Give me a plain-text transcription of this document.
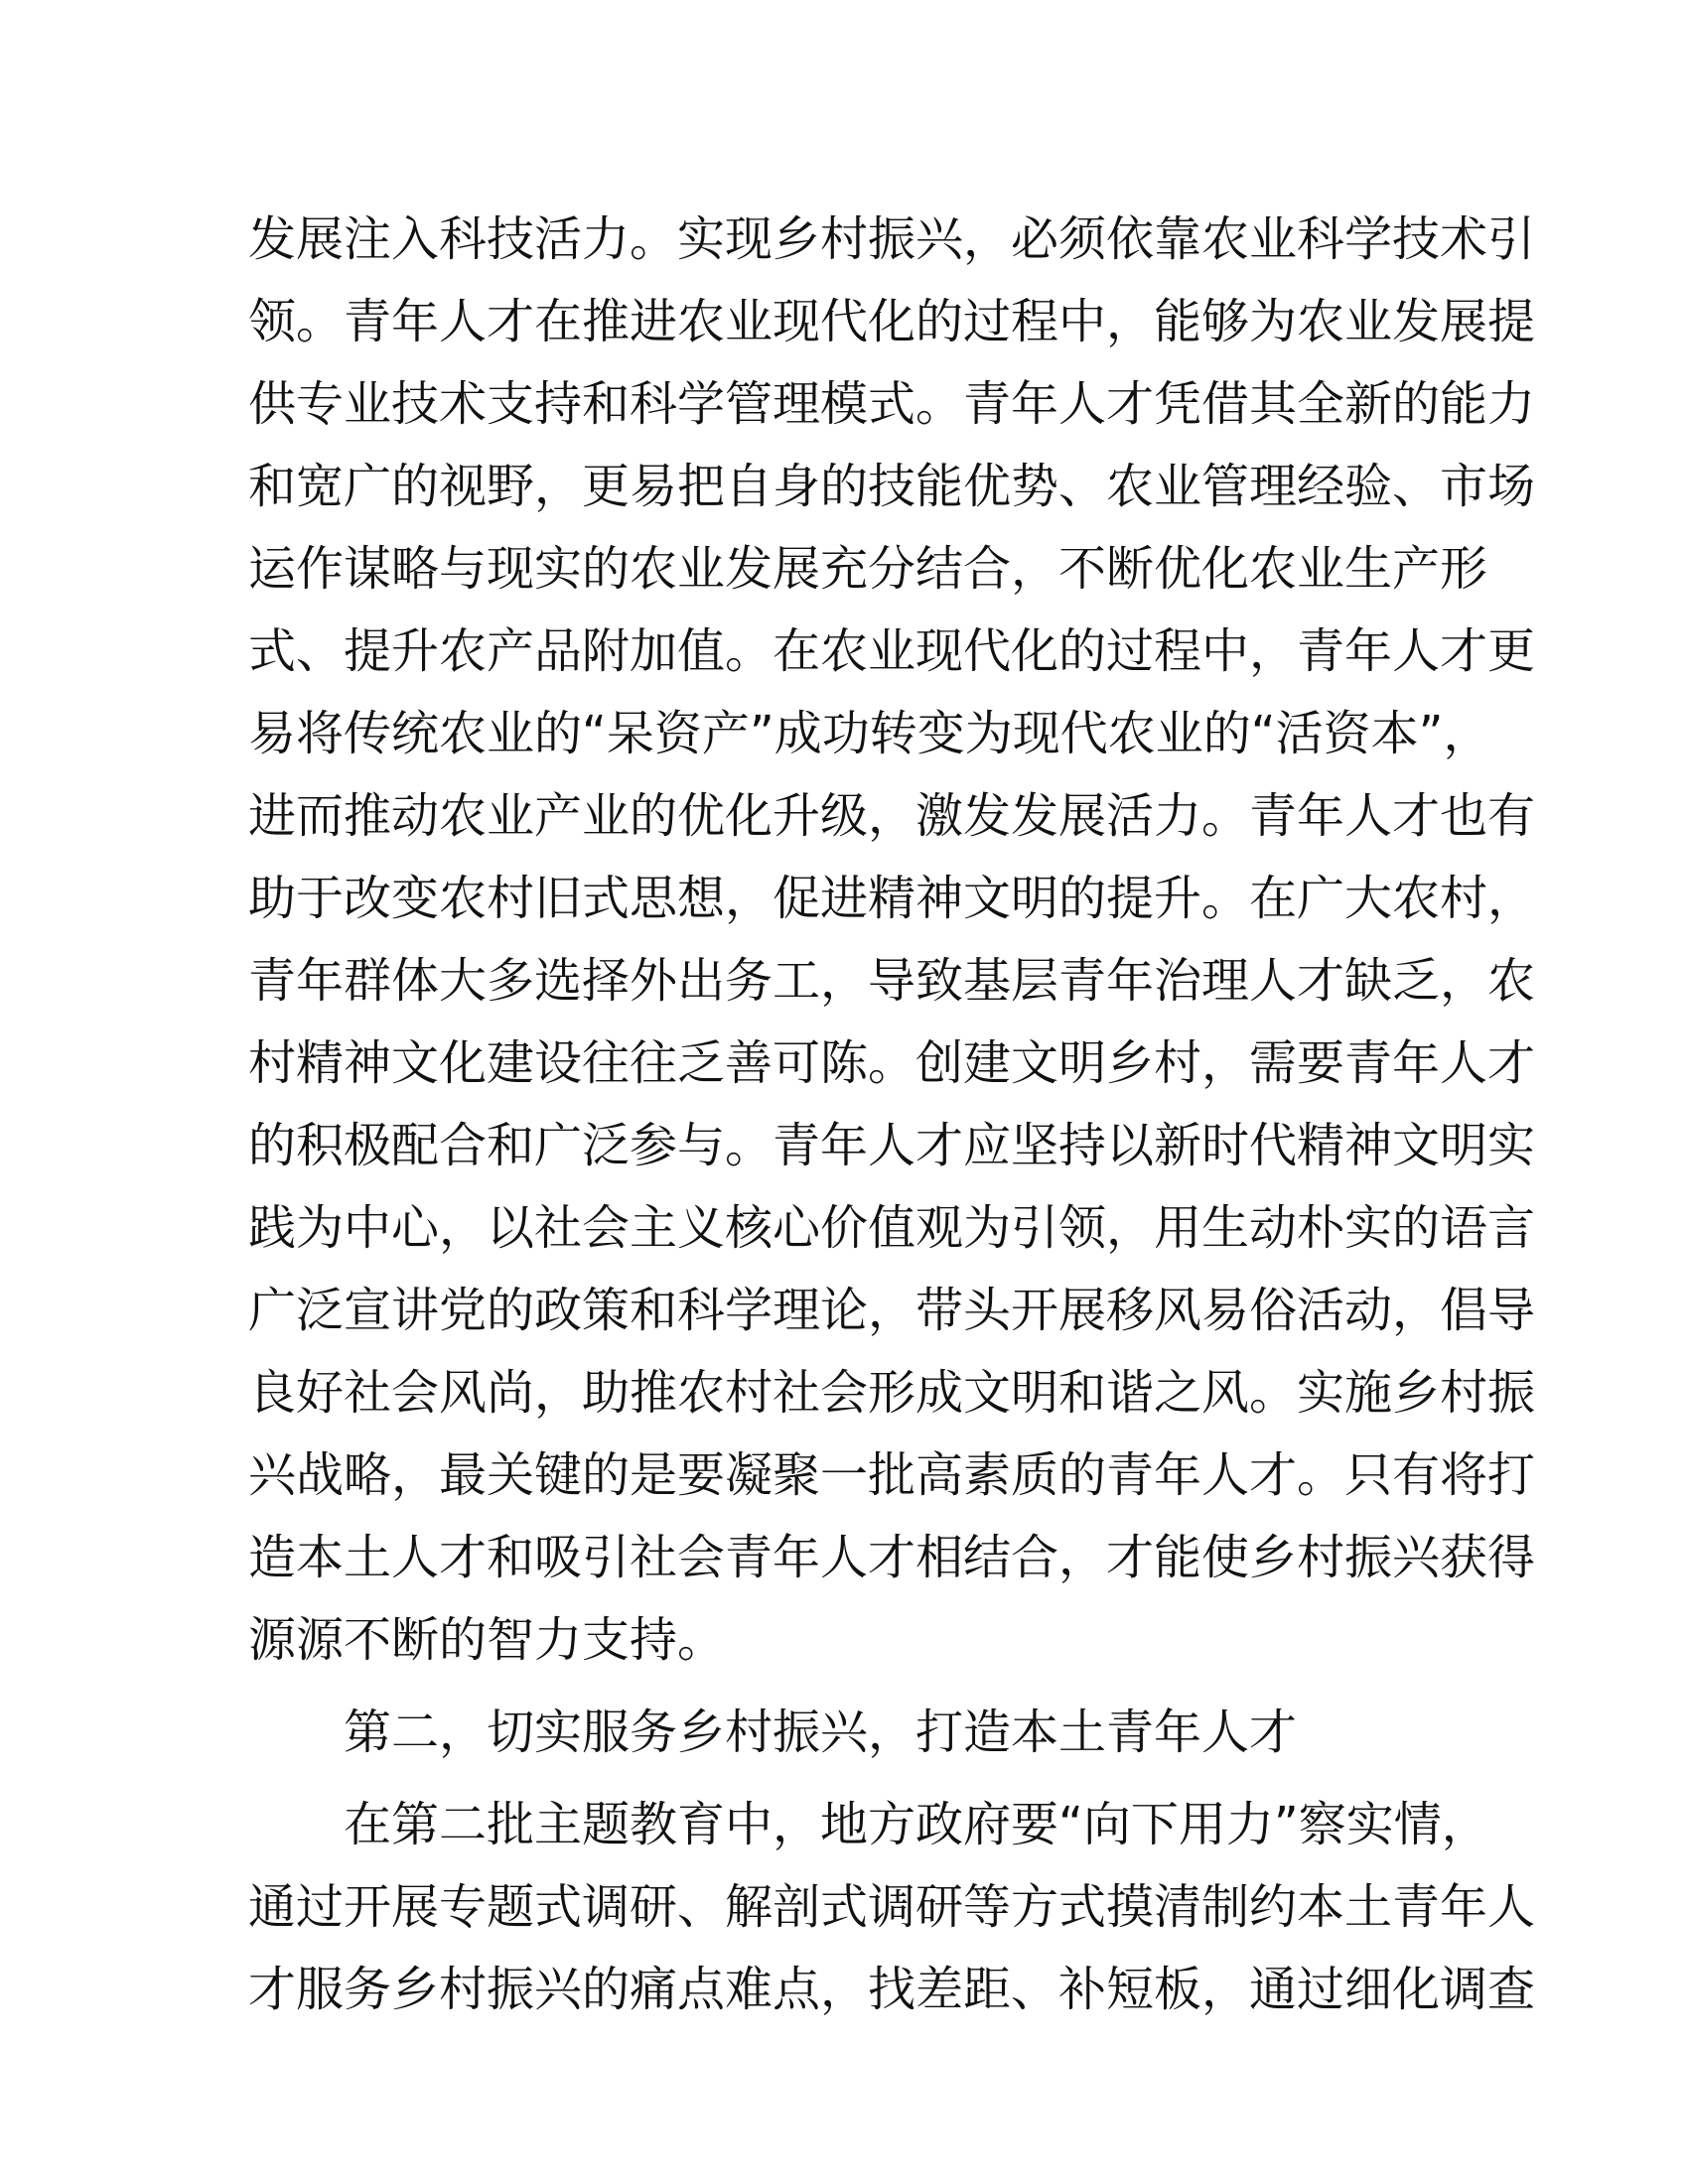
发展注入科技活力。实现乡村振兴，必须依靠农业科学技术引
领。青年人才在推进农业现代化的过程中，能够为农业发展提
供专业技术支持和科学管理模式。青年人才凭借其全新的能力
和宽广的视野，更易把自身的技能优势、农业管理经验、市场
运作谋略与现实的农业发展充分结合，不断优化农业生产形
式、提升农产品附加值。在农业现代化的过程中，青年人才更
易将传统农业的“呆资产”成功转变为现代农业的“活资本”，
进而推动农业产业的优化升级，激发发展活力。青年人才也有
助于改变农村旧式思想，促进精神文明的提升。在广大农村，
青年群体大多选择外出务工，导致基层青年治理人才缺乏，农
村精神文化建设往往乏善可陈。创建文明乡村，需要青年人才
的积极配合和广泛参与。青年人才应坚持以新时代精神文明实
践为中心，以社会主义核心价值观为引领，用生动朴实的语言
广泛宣讲党的政策和科学理论，带头开展移风易俗活动，倡导
良好社会风尚，助推农村社会形成文明和谐之风。实施乡村振
兴战略，最关键的是要凝聚一批高素质的青年人才。只有将打
造本土人才和吸引社会青年人才相结合，才能使乡村振兴获得
源源不断的智力支持。
第二，切实服务乡村振兴，打造本土青年人才
在第二批主题教育中，地方政府要“向下用力”察实情，
通过开展专题式调研、解剖式调研等方式摸清制约本土青年人
才服务乡村振兴的痛点难点，找差距、补短板，通过细化调查
